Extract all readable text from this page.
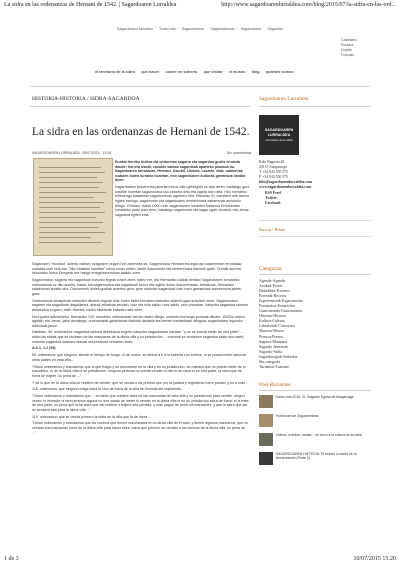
La sidra en las ordenanzas de Hernani de 1542. | Sagardoaren Lurraldea	http://www.sagardoarenlurraldea.com/blog/2015/07/la-sidra-en-las-ord...
Sagardoaren lurraldea · Txoko info · Sagardoetxea · Sagarzaleendo · Sagardoteka · Sagardoa
Castellano
Euskara
English
Français
el territorio de la sidra · qué hacer · comer en sidrería · qué visitar · el museo · blog · quiénes somos
HISTORIA-HISTORIA / SIDRA-SAGARDOA
La sidra en las ordenanzas de Hernani de 1542.
SAGARDOAREN LURRALDEA · 09/07/2015 · 13:36	Sin comentarios

Euskal Herriko bizitza eta ohituretan sagarra eta sagardoa guztiz errotuta daude; horrela izanik, zonalde batean sagardoak aparteko pisudoa du. Sagardoaren lurraldean, Hernani, Usurbil, Urnieta, Lasarte, etab. udalerriak osatzen duten lurralde honetan, non sagardoaren kulturak garrantzia handia duen.

Sagardoaren ixonera eta jatorriari buruz datu gehiegirik ez izan arren, badakigu gure lurralde honetan sagarrondoa oso zaharra dela eta ugaria izan dela. Hiru mendeko lehenengo idazkietan sagarrondoak agertzen dira. Historian XI. mendera arte atzera egiten badugu, sagarrondo eta sagardoaren erreferentzia zaharrenak aurkituko ditugu. Ordutan, duela 1.000 urte, sagardoaren lurraldea Nafarroa Erresumako lurraldeko parte izan ziren, badakigu sagarrondo eta sagar ugari zeudela, eta, beraz, sagardoa egiten zela.

Sagardoen "mundua" aztertu nahian, ezagutzen dugun hori aztertzea da. Sagarrondoa Hernani eta inguruko udalerrietan errotutako zuhaitza izan zela eta, "Hiru hilabete hauetan" izena eman zioten, beste dokumentu eta erreferentzia batzuek garbi. Ordutik aurrera Antzinako Antso Erregeak ere hango erregelamenduan azaldu zuen.

Sagarrondoa, sagarra eta sagardoari buruzko legeak ezarri ziren, batez ere, eta Hernaniko udalak bertako Sagardoaren lurraldeko ordenantzak ez ditu aurkitu, baina, bai sagarrondoa eta sagardoari buruz hitz egiten duten dokumentuak, bertakoak, Hernaniko udaletxean aurkitu dira. Dokumentu horiek guztiak aztertuz gero, gure historian sagardoak izan zuen garrantziaz kontzientzia jabetu gara.

Ordenantzak xedapenak zehazten dituzten legeak dira; haien bidez herriaren bizitzako alderdi ugari arautzen ziren. Sagarrondoei, sagarrei eta sagardoari dagokienez, araudi zehatzak zeuden: noiz eta nola saldu, nork saldu, zein preziotan, kanpoko sagardoa sartzea debekatua zegoen, etab. Horrela, tokiko ekoizleak babestu nahi ziren.

Hori guztia adierazteko, Hernaniko XVI. mendeko ordenantzak hemen ekarri ditugu, ondoren hurrengo puntuak dituzte: 1542ko urteko agiriak; eta, beraz, jakin dezakegu, ordenantzak gaztelaniaz idatzirik daudela eta hemen transkribatu ditugula, sagardoaren inguruko artikuluak jasoz.

Haiotako, 59. ordenantza: sagardoa sartzea debekatua zegoen kanpoko sagardoaren kasuan, "y no se pueda meter de otra parte" ... salvo las sidras que se hiciesen de las manzanas de la dicha villa y su jurisdicción ... edonork ez zezakeen sagardoa saldu edo sartu; ondoren sagardoa saltzeko arauak eta prezioak zehazten ziren.

A-6-1, 1-2 (59)

59. ordenanza: que ninguno, siendo el tiempo de fuego, ni de noche, se atreva a ir a la sidrería con lumbre, ni se pueda meter sidra de otras partes en esta villa...

"Otrosí ordenamos y mandamos que al que fuego y se encontrare en la villa y en su jurisdicción, de manera que no pueda meter de lo susodicho, ni de la dicha villa ni su jurisdicción, ninguna persona no pueda vender ni dar en su casa ni en otra parte, la sidra que de fuera se trajere, so pena de ..."

Y de lo que en la dicha villa se hubiere de vender, que se venda a los precios que por la justicia y regimiento fuere puesto, y no a más ...

118. ordenanza: que ninguno traiga sidra ni vino de fuera de la villa sin licencia del regimiento ...

"Otrosí ordenamos y mandamos que ... en tanto que hubiere sidra de las manzanas de esta villa y su jurisdicción para vender, ningún vecino ni morador ni otra persona alguna no sea osado de meter ni vender en la dicha villa ni en su jurisdicción sidra de fuera, ni la traer de otra parte, so pena que la tal sidra que así metiere o trajere sea perdida, y más pague de pena mil maravedís, y que la sidra que así se perdiere sea para la dicha villa ..."

119. ordenanza: que se venda primero la sidra de la villa que la de fuera ...

"Otrosí ordenamos y mandamos que los vecinos que tienen manzanales en la dicha villa de Ernani, y tienen algunos manzanos, que no vendan sus manzanas fuera de la dicha villa para hacer sidra, salvo que primero se vendan a los vecinos de la dicha villa, so pena de ..."

Sagardoaren Lurraldea
SAGARDOAREN
LURRALDEA
el territorio de la sidra
Kale Nagusia 48
20115 Astigarraga
T +34 943 550 575
F +34 943 550 575
info@sagardoarenlurraldea.com
www.sagardoarenlurraldea.com
RSS Feed
Twitter
Facebook
Buscar / Bilatu
Categorías
Agenda-Agenda
Azokak-Ferias
Ekitaldiak-Eventos
Erreziak-Recetas
Esperientziak-Experiencias
Formazioa-Formación
Gastronomia-Gastronomía
Historia-Historia
Kultura-Cultura
Lehiaketak-Concursos
Museoa-Museo
Prentsa-Prensa
Sagarra-Manzana
Sagardo Jatetxeak
Sagardo-Sidra
Sagardotegiak-Sidrerías
Sin categoría
Turismoa-Turismo
Post Recientes
Santo Ana 2015, XL Sagardo Eguna de Astigarraga.
Fotoforum de Sagardoetxea.
Videos, eventos, visitas... en torno a la cultura de la sidra.
SAGARDOAREN HIZTEGIA: El mundo a través de la fermentación (Parte 2).
1 de 3	10/07/2015 15:20
